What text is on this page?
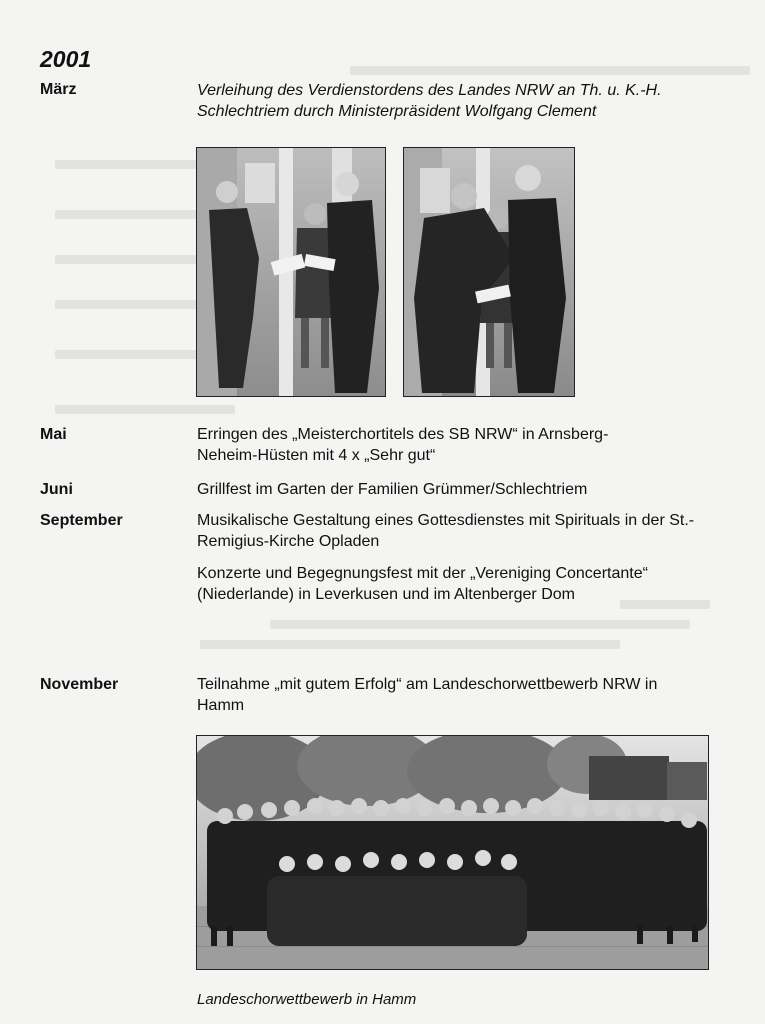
2001
März	Verleihung des Verdienstordens des Landes NRW an Th. u. K.-H. Schlechtriem durch Ministerpräsident Wolfgang Clement
Mai	Erringen des „Meisterchortitels des SB NRW“ in Arnsberg-Neheim-Hüsten mit 4 x „Sehr gut“
Juni	Grillfest im Garten der Familien Grümmer/Schlechtriem
September	Musikalische Gestaltung eines Gottesdienstes mit Spirituals in der St.-Remigius-Kirche Opladen
Konzerte und Begegnungsfest mit der „Vereniging Concertante“ (Niederlande) in Leverkusen und im Altenberger Dom
November	Teilnahme „mit gutem Erfolg“ am Landeschorwettbewerb NRW in Hamm
Landeschorwettbewerb in Hamm
